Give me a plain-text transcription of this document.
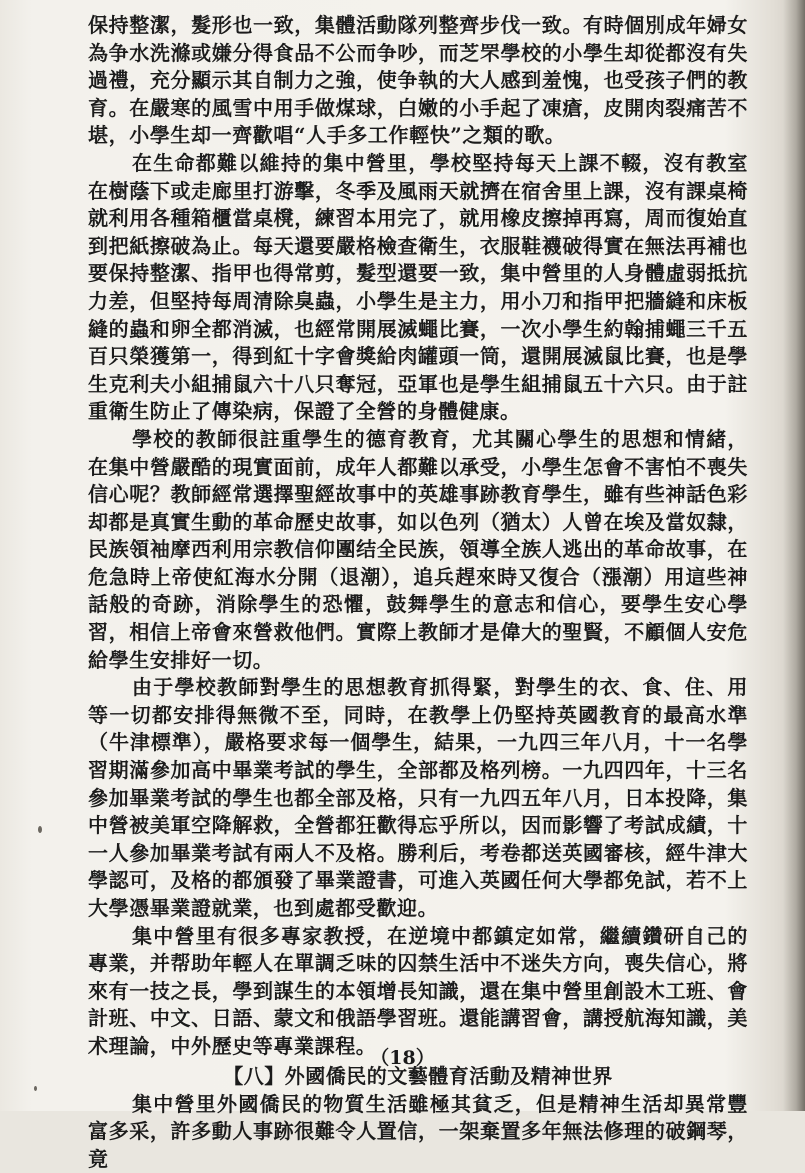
保持整潔，髮形也一致，集體活動隊列整齊步伐一致。有時個別成年婦女為争水洗滌或嫌分得食品不公而争吵，而芝罘學校的小學生却從都沒有失過禮，充分顯示其自制力之強，使争執的大人感到羞愧，也受孩子們的教育。在嚴寒的風雪中用手做煤球，白嫩的小手起了凍瘡，皮開肉裂痛苦不堪，小學生却一齊歡唱“人手多工作輕快”之類的歌。

在生命都難以維持的集中營里，學校堅持每天上課不輟，沒有教室在樹蔭下或走廊里打游擊，冬季及風雨天就擠在宿舍里上課，沒有課桌椅就利用各種箱櫃當桌櫈，練習本用完了，就用橡皮擦掉再寫，周而復始直到把紙擦破為止。每天還要嚴格檢查衛生，衣服鞋襪破得實在無法再補也要保持整潔、指甲也得常剪，髮型還要一致，集中營里的人身體虛弱抵抗力差，但堅持每周清除臭蟲，小學生是主力，用小刀和指甲把牆縫和床板縫的蟲和卵全都消滅，也經常開展滅蠅比賽，一次小學生約翰捕蠅三千五百只榮獲第一，得到紅十字會獎給肉罐頭一筒，還開展滅鼠比賽，也是學生克利夫小組捕鼠六十八只奪冠，亞軍也是學生組捕鼠五十六只。由于註重衛生防止了傳染病，保證了全營的身體健康。

學校的教師很註重學生的德育教育，尤其關心學生的思想和情緒，在集中營嚴酷的現實面前，成年人都難以承受，小學生怎會不害怕不喪失信心呢？教師經常選擇聖經故事中的英雄事跡教育學生，雖有些神話色彩却都是真實生動的革命歷史故事，如以色列（猶太）人曾在埃及當奴隸，民族領袖摩西利用宗教信仰團结全民族，領導全族人逃出的革命故事，在危急時上帝使紅海水分開（退潮），追兵趕來時又復合（漲潮）用這些神話般的奇跡，消除學生的恐懼，鼓舞學生的意志和信心，要學生安心學習，相信上帝會來營救他們。實際上教師才是偉大的聖賢，不顧個人安危給學生安排好一切。

由于學校教師對學生的思想教育抓得緊，對學生的衣、食、住、用等一切都安排得無微不至，同時，在教學上仍堅持英國教育的最高水準（牛津標準），嚴格要求每一個學生，結果，一九四三年八月，十一名學習期滿參加高中畢業考試的學生，全部都及格列榜。一九四四年，十三名參加畢業考試的學生也都全部及格，只有一九四五年八月，日本投降，集中營被美軍空降解救，全營都狂歡得忘乎所以，因而影響了考試成績，十一人參加畢業考試有兩人不及格。勝利后，考卷都送英國審核，經牛津大學認可，及格的都頒發了畢業證書，可進入英國任何大學都免試，若不上大學憑畢業證就業，也到處都受歡迎。

集中營里有很多專家教授，在逆境中都鎮定如常，繼續鑽研自己的專業，并帮助年輕人在單調乏味的囚禁生活中不迷失方向，喪失信心，將來有一技之長，學到謀生的本領增長知識，還在集中營里創設木工班、會計班、中文、日語、蒙文和俄語學習班。還能講習會，講授航海知識，美术理論，中外歷史等專業課程。

【八】外國僑民的文藝體育活動及精神世界

集中營里外國僑民的物質生活雖極其貧乏，但是精神生活却異常豐富多采，許多動人事跡很難令人置信，一架棄置多年無法修理的破鋼琴，竟

（18）
